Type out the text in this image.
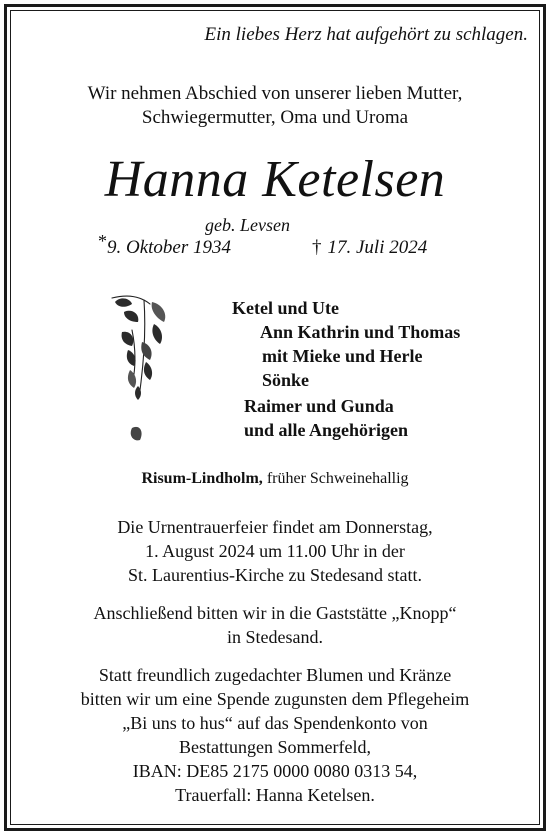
Ein liebes Herz hat aufgehört zu schlagen.
Wir nehmen Abschied von unserer lieben Mutter,
Schwiegermutter, Oma und Uroma
Hanna Ketelsen
geb. Levsen
*9. Oktober 1934	† 17. Juli 2024
Ketel und Ute
Ann Kathrin und Thomas
mit Mieke und Herle
Sönke
Raimer und Gunda
und alle Angehörigen
Risum-Lindholm, früher Schweinehallig
Die Urnentrauerfeier findet am Donnerstag,
1. August 2024 um 11.00 Uhr in der
St. Laurentius-Kirche zu Stedesand statt.
Anschließend bitten wir in die Gaststätte „Knopp“
in Stedesand.
Statt freundlich zugedachter Blumen und Kränze
bitten wir um eine Spende zugunsten dem Pflegeheim
„Bi uns to hus“ auf das Spendenkonto von
Bestattungen Sommerfeld,
IBAN: DE85 2175 0000 0080 0313 54,
Trauerfall: Hanna Ketelsen.
